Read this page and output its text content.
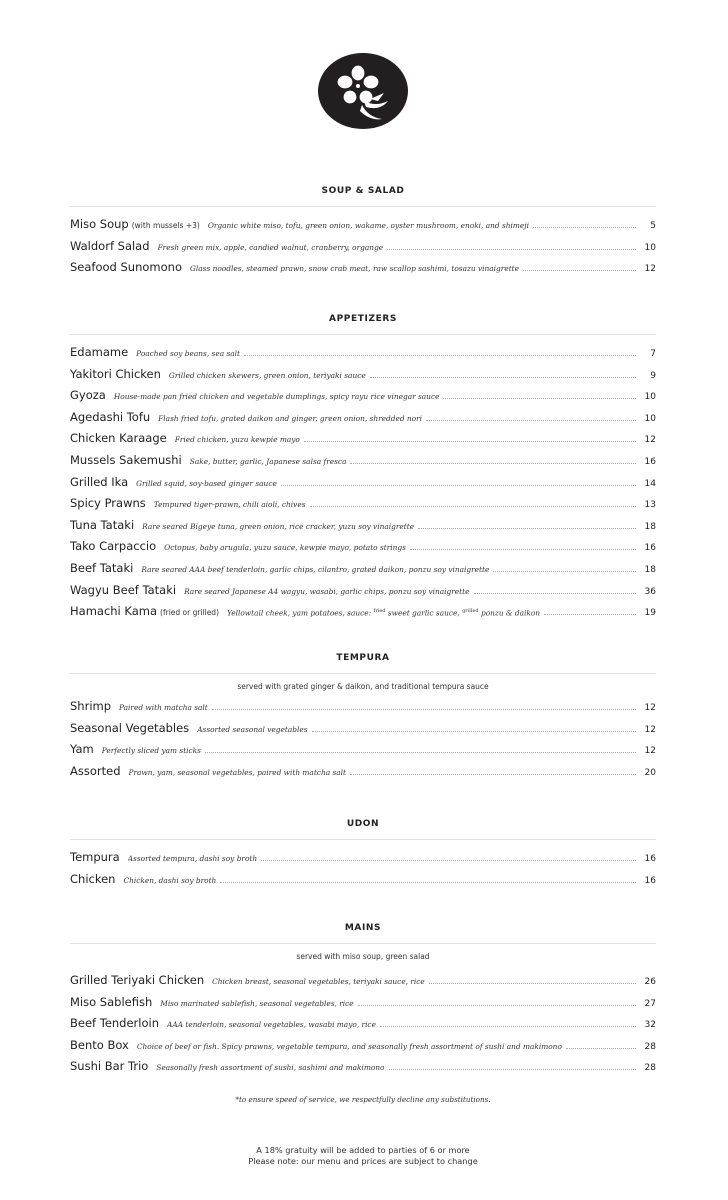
SOUP & SALAD
Miso Soup (with mussels +3) Organic white miso, tofu, green onion, wakame, oyster mushroom, enoki, and shimeji	5
Waldorf Salad Fresh green mix, apple, candied walnut, cranberry, organge	10
Seafood Sunomono Glass noodles, steamed prawn, snow crab meat, raw scallop sashimi, tosazu vinaigrette	12
APPETIZERS
Edamame Poached soy beans, sea salt	7
Yakitori Chicken Grilled chicken skewers, green onion, teriyaki sauce	9
Gyoza House-made pan fried chicken and vegetable dumplings, spicy rayu rice vinegar sauce	10
Agedashi Tofu Flash fried tofu, grated daikon and ginger, green onion, shredded nori	10
Chicken Karaage Fried chicken, yuzu kewpie mayo	12
Mussels Sakemushi Sake, butter, garlic, Japanese salsa fresca	16
Grilled Ika Grilled squid, soy-based ginger sauce	14
Spicy Prawns Tempured tiger-prawn, chili aioli, chives	13
Tuna Tataki Rare seared Bigeye tuna, green onion, rice cracker, yuzu soy vinaigrette	18
Tako Carpaccio Octopus, baby arugula, yuzu sauce, kewpie mayo, potato strings	16
Beef Tataki Rare seared AAA beef tenderloin, garlic chips, cilantro, grated daikon, ponzu soy vinaigrette	18
Wagyu Beef Tataki Rare seared Japanese A4 wagyu, wasabi, garlic chips, ponzu soy vinaigrette	36
Hamachi Kama (fried or grilled) Yellowtail cheek, yam potatoes, sauce: $^{fried}$ sweet garlic sauce, $^{grilled}$ ponzu & daikon	19
TEMPURA
served with grated ginger & daikon, and traditional tempura sauce
Shrimp Paired with matcha salt	12
Seasonal Vegetables Assorted seasonal vegetables	12
Yam Perfectly sliced yam sticks	12
Assorted Prawn, yam, seasonal vegetables, paired with matcha salt	20
UDON
Tempura Assorted tempura, dashi soy broth	16
Chicken Chicken, dashi soy broth	16
MAINS
served with miso soup, green salad
Grilled Teriyaki Chicken Chicken breast, seasonal vegetables, teriyaki sauce, rice	26
Miso Sablefish Miso marinated sablefish, seasonal vegetables, rice	27
Beef Tenderloin AAA tenderloin, seasonal vegetables, wasabi mayo, rice	32
Bento Box Choice of beef or fish. Spicy prawns, vegetable tempura, and seasonally fresh assortment of sushi and makimono	28
Sushi Bar Trio Seasonally fresh assortment of sushi, sashimi and makimono	28
*to ensure speed of service, we respectfully decline any substitutions.
A 18% gratuity will be added to parties of 6 or more
Please note: our menu and prices are subject to change
